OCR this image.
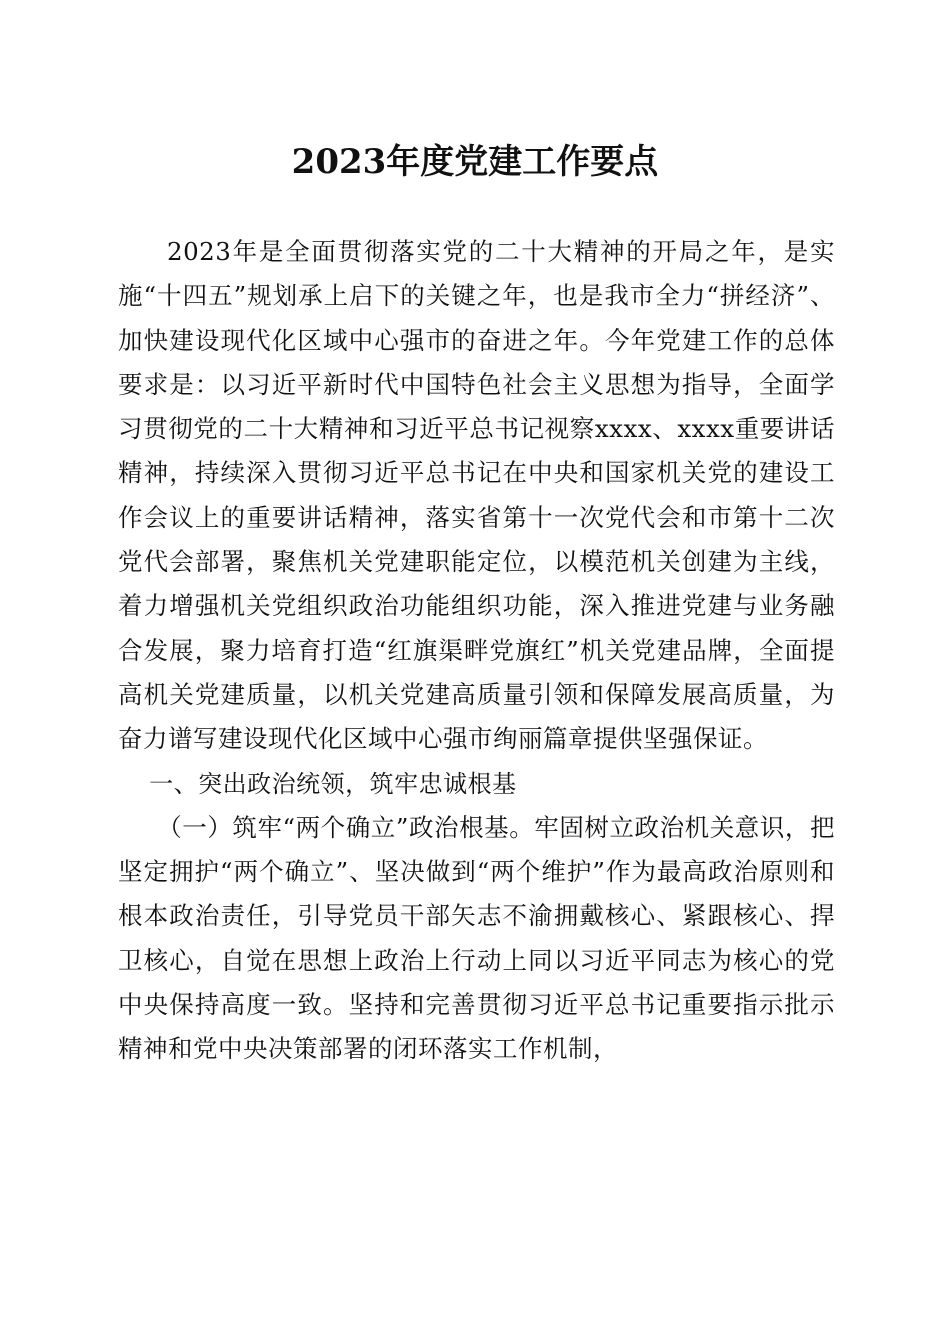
2023年度党建工作要点

2023年是全面贯彻落实党的二十大精神的开局之年，是实施“十四五”规划承上启下的关键之年，也是我市全力“拼经济”、加快建设现代化区域中心强市的奋进之年。今年党建工作的总体要求是：以习近平新时代中国特色社会主义思想为指导，全面学习贯彻党的二十大精神和习近平总书记视察xxxx、xxxx重要讲话精神，持续深入贯彻习近平总书记在中央和国家机关党的建设工作会议上的重要讲话精神，落实省第十一次党代会和市第十二次党代会部署，聚焦机关党建职能定位，以模范机关创建为主线，着力增强机关党组织政治功能组织功能，深入推进党建与业务融合发展，聚力培育打造“红旗渠畔党旗红”机关党建品牌，全面提高机关党建质量，以机关党建高质量引领和保障发展高质量，为奋力谱写建设现代化区域中心强市绚丽篇章提供坚强保证。

一、突出政治统领，筑牢忠诚根基

（一）筑牢“两个确立”政治根基。牢固树立政治机关意识，把坚定拥护“两个确立”、坚决做到“两个维护”作为最高政治原则和根本政治责任，引导党员干部矢志不渝拥戴核心、紧跟核心、捍卫核心，自觉在思想上政治上行动上同以习近平同志为核心的党中央保持高度一致。坚持和完善贯彻习近平总书记重要指示批示精神和党中央决策部署的闭环落实工作机制，
